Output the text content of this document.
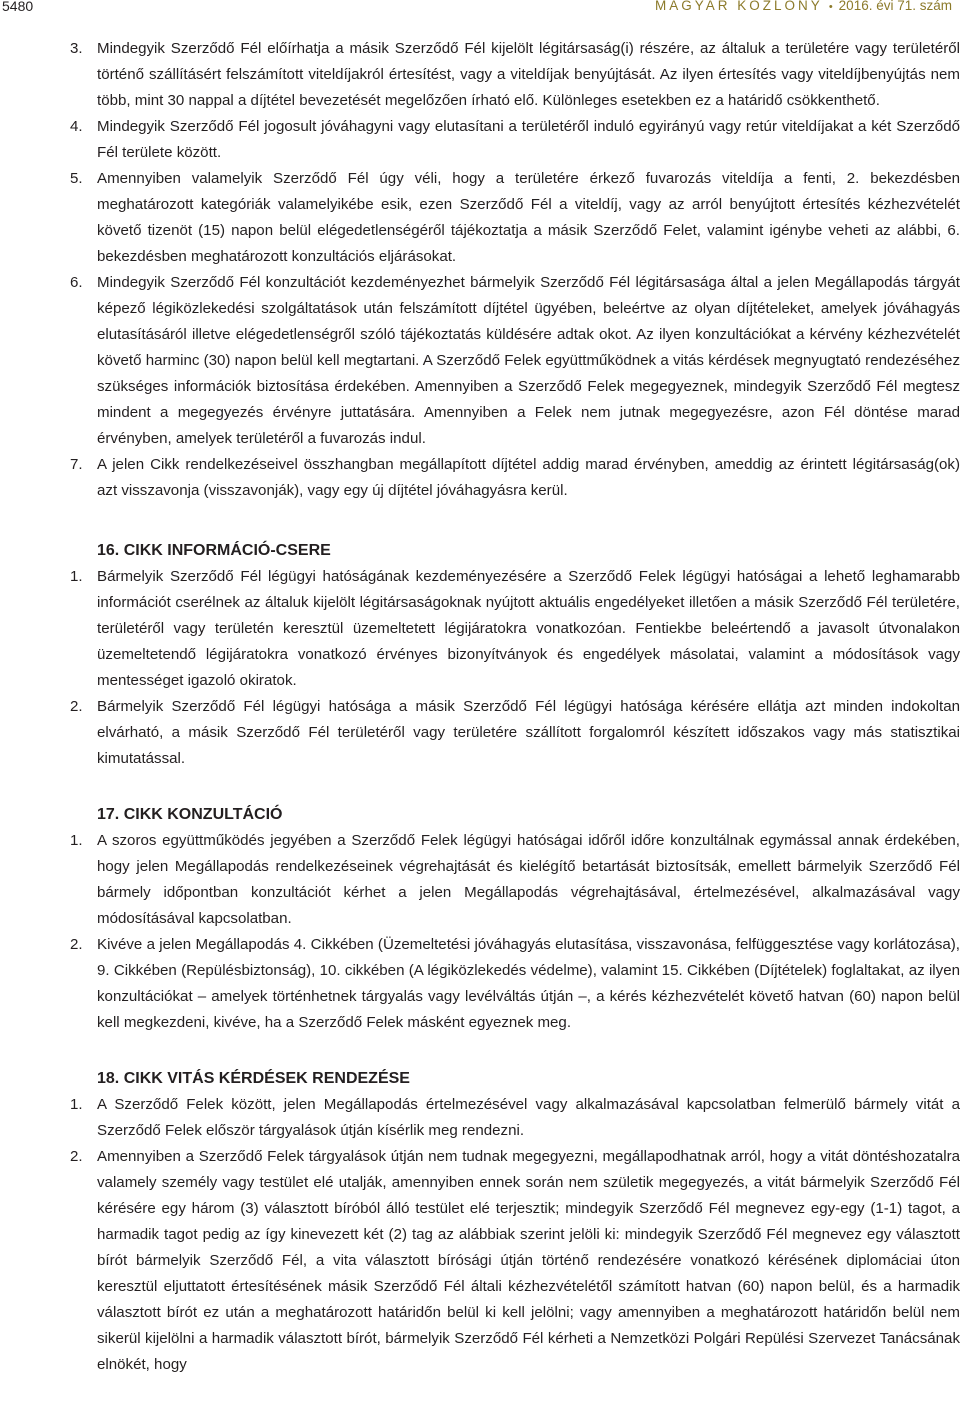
5480	MAGYAR KÖZLÖNY • 2016. évi 71. szám
3. Mindegyik Szerződő Fél előírhatja a másik Szerződő Fél kijelölt légitársaság(i) részére, az általuk a területére vagy területéről történő szállításért felszámított viteldíjakról értesítést, vagy a viteldíjak benyújtását. Az ilyen értesítés vagy viteldíjbenyújtás nem több, mint 30 nappal a díjtétel bevezetését megelőzően írható elő. Különleges esetekben ez a határidő csökkenthető.
4. Mindegyik Szerződő Fél jogosult jóváhagyni vagy elutasítani a területéről induló egyirányú vagy retúr viteldíjakat a két Szerződő Fél területe között.
5. Amennyiben valamelyik Szerződő Fél úgy véli, hogy a területére érkező fuvarozás viteldíja a fenti, 2. bekezdésben meghatározott kategóriák valamelyikébe esik, ezen Szerződő Fél a viteldíj, vagy az arról benyújtott értesítés kézhezvételét követő tizenöt (15) napon belül elégedetlenségéről tájékoztatja a másik Szerződő Felet, valamint igénybe veheti az alábbi, 6. bekezdésben meghatározott konzultációs eljárásokat.
6. Mindegyik Szerződő Fél konzultációt kezdeményezhet bármelyik Szerződő Fél légitársasága által a jelen Megállapodás tárgyát képező légiközlekedési szolgáltatások után felszámított díjtétel ügyében, beleértve az olyan díjtételeket, amelyek jóváhagyás elutasításáról illetve elégedetlenségről szóló tájékoztatás küldésére adtak okot. Az ilyen konzultációkat a kérvény kézhezvételét követő harminc (30) napon belül kell megtartani. A Szerződő Felek együttműködnek a vitás kérdések megnyugtató rendezéséhez szükséges információk biztosítása érdekében. Amennyiben a Szerződő Felek megegyeznek, mindegyik Szerződő Fél megtesz mindent a megegyezés érvényre juttatására. Amennyiben a Felek nem jutnak megegyezésre, azon Fél döntése marad érvényben, amelyek területéről a fuvarozás indul.
7. A jelen Cikk rendelkezéseivel összhangban megállapított díjtétel addig marad érvényben, ameddig az érintett légitársaság(ok) azt visszavonja (visszavonják), vagy egy új díjtétel jóváhagyásra kerül.
16. CIKK INFORMÁCIÓ-CSERE
1. Bármelyik Szerződő Fél légügyi hatóságának kezdeményezésére a Szerződő Felek légügyi hatóságai a lehető leghamarabb információt cserélnek az általuk kijelölt légitársaságoknak nyújtott aktuális engedélyeket illetően a másik Szerződő Fél területére, területéről vagy területén keresztül üzemeltetett légijáratokra vonatkozóan. Fentiekbe beleértendő a javasolt útvonalakon üzemeltetendő légijáratokra vonatkozó érvényes bizonyítványok és engedélyek másolatai, valamint a módosítások vagy mentességet igazoló okiratok.
2. Bármelyik Szerződő Fél légügyi hatósága a másik Szerződő Fél légügyi hatósága kérésére ellátja azt minden indokoltan elvárható, a másik Szerződő Fél területéről vagy területére szállított forgalomról készített időszakos vagy más statisztikai kimutatással.
17. CIKK KONZULTÁCIÓ
1. A szoros együttműködés jegyében a Szerződő Felek légügyi hatóságai időről időre konzultálnak egymással annak érdekében, hogy jelen Megállapodás rendelkezéseinek végrehajtását és kielégítő betartását biztosítsák, emellett bármelyik Szerződő Fél bármely időpontban konzultációt kérhet a jelen Megállapodás végrehajtásával, értelmezésével, alkalmazásával vagy módosításával kapcsolatban.
2. Kivéve a jelen Megállapodás 4. Cikkében (Üzemeltetési jóváhagyás elutasítása, visszavonása, felfüggesztése vagy korlátozása), 9. Cikkében (Repülésbiztonság), 10. cikkében (A légiközlekedés védelme), valamint 15. Cikkében (Díjtételek) foglaltakat, az ilyen konzultációkat – amelyek történhetnek tárgyalás vagy levélváltás útján –, a kérés kézhezvételét követő hatvan (60) napon belül kell megkezdeni, kivéve, ha a Szerződő Felek másként egyeznek meg.
18. CIKK VITÁS KÉRDÉSEK RENDEZÉSE
1. A Szerződő Felek között, jelen Megállapodás értelmezésével vagy alkalmazásával kapcsolatban felmerülő bármely vitát a Szerződő Felek először tárgyalások útján kísérlik meg rendezni.
2. Amennyiben a Szerződő Felek tárgyalások útján nem tudnak megegyezni, megállapodhatnak arról, hogy a vitát döntéshozatalra valamely személy vagy testület elé utalják, amennyiben ennek során nem születik megegyezés, a vitát bármelyik Szerződő Fél kérésére egy három (3) választott bíróból álló testület elé terjesztik; mindegyik Szerződő Fél megnevez egy-egy (1-1) tagot, a harmadik tagot pedig az így kinevezett két (2) tag az alábbiak szerint jelöli ki: mindegyik Szerződő Fél megnevez egy választott bírót bármelyik Szerződő Fél, a vita választott bírósági útján történő rendezésére vonatkozó kérésének diplomáciai úton keresztül eljuttatott értesítésének másik Szerződő Fél általi kézhezvételétől számított hatvan (60) napon belül, és a harmadik választott bírót ez után a meghatározott határidőn belül ki kell jelölni; vagy amennyiben a meghatározott határidőn belül nem sikerül kijelölni a harmadik választott bírót, bármelyik Szerződő Fél kérheti a Nemzetközi Polgári Repülési Szervezet Tanácsának elnökét, hogy
